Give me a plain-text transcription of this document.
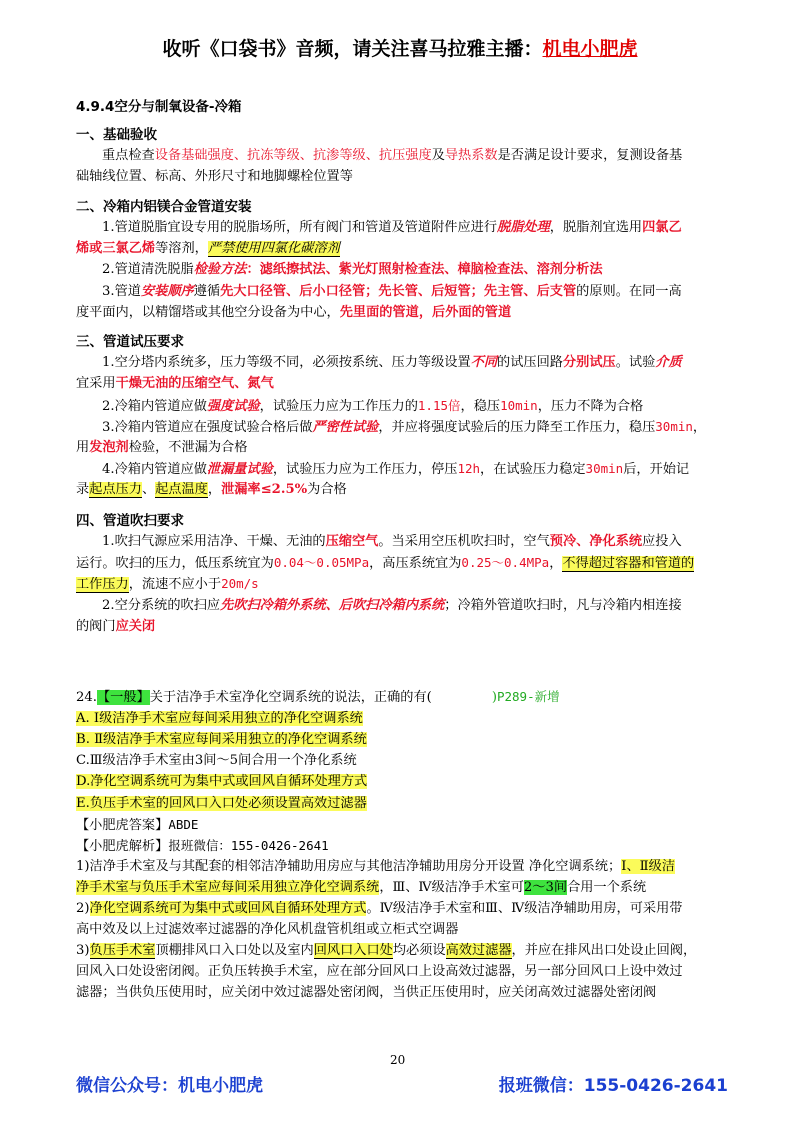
收听《口袋书》音频，请关注喜马拉雅主播：机电小肥虎
4.9.4空分与制氧设备-冷箱
一、基础验收
重点检查设备基础强度、抗冻等级、抗渗等级、抗压强度及导热系数是否满足设计要求，复测设备基
础轴线位置、标高、外形尺寸和地脚螺栓位置等
二、冷箱内铝镁合金管道安装
1.管道脱脂宜设专用的脱脂场所，所有阀门和管道及管道附件应进行脱脂处理，脱脂剂宜选用四氯乙
烯或三氯乙烯等溶剂，严禁使用四氯化碳溶剂
2.管道清洗脱脂检验方法：滤纸擦拭法、紫光灯照射检查法、樟脑检查法、溶剂分析法
3.管道安装顺序遵循先大口径管、后小口径管；先长管、后短管；先主管、后支管的原则。在同一高
度平面内，以精馏塔或其他空分设备为中心，先里面的管道，后外面的管道
三、管道试压要求
1.空分塔内系统多，压力等级不同，必须按系统、压力等级设置不同的试压回路分别试压。试验介质
宜采用干燥无油的压缩空气、氮气
2.冷箱内管道应做强度试验，试验压力应为工作压力的1.15倍，稳压10min，压力不降为合格
3.冷箱内管道应在强度试验合格后做严密性试验，并应将强度试验后的压力降至工作压力，稳压30min，
用发泡剂检验，不泄漏为合格
4.冷箱内管道应做泄漏量试验，试验压力应为工作压力，停压12h，在试验压力稳定30min后，开始记
录起点压力、起点温度，泄漏率≤2.5%为合格
四、管道吹扫要求
1.吹扫气源应采用洁净、干燥、无油的压缩空气。当采用空压机吹扫时，空气预冷、净化系统应投入
运行。吹扫的压力，低压系统宜为0.04～0.05MPa，高压系统宜为0.25～0.4MPa，不得超过容器和管道的
工作压力，流速不应小于20m/s
2.空分系统的吹扫应先吹扫冷箱外系统、后吹扫冷箱内系统；冷箱外管道吹扫时，凡与冷箱内相连接
的阀门应关闭
24.【一般】关于洁净手术室净化空调系统的说法，正确的有(	)P289-新增
A. Ⅰ级洁净手术室应每间采用独立的净化空调系统
B. Ⅱ级洁净手术室应每间采用独立的净化空调系统
C.Ⅲ级洁净手术室由3间～5间合用一个净化系统
D.净化空调系统可为集中式或回风自循环处理方式
E.负压手术室的回风口入口处必须设置高效过滤器
【小肥虎答案】ABDE
【小肥虎解析】报班微信：155-0426-2641
1)洁净手术室及与其配套的相邻洁净辅助用房应与其他洁净辅助用房分开设置 净化空调系统；Ⅰ、Ⅱ级洁
净手术室与负压手术室应每间采用独立净化空调系统，Ⅲ、Ⅳ级洁净手术室可2～3间合用一个系统
2)净化空调系统可为集中式或回风自循环处理方式。Ⅳ级洁净手术室和Ⅲ、Ⅳ级洁净辅助用房，可采用带
高中效及以上过滤效率过滤器的净化风机盘管机组或立柜式空调器
3)负压手术室顶棚排风口入口处以及室内回风口入口处均必须设高效过滤器，并应在排风出口处设止回阀，
回风入口处设密闭阀。正负压转换手术室，应在部分回风口上设高效过滤器，另一部分回风口上设中效过
滤器；当供负压使用时，应关闭中效过滤器处密闭阀，当供正压使用时，应关闭高效过滤器处密闭阀
20
微信公众号：机电小肥虎	报班微信：155-0426-2641
